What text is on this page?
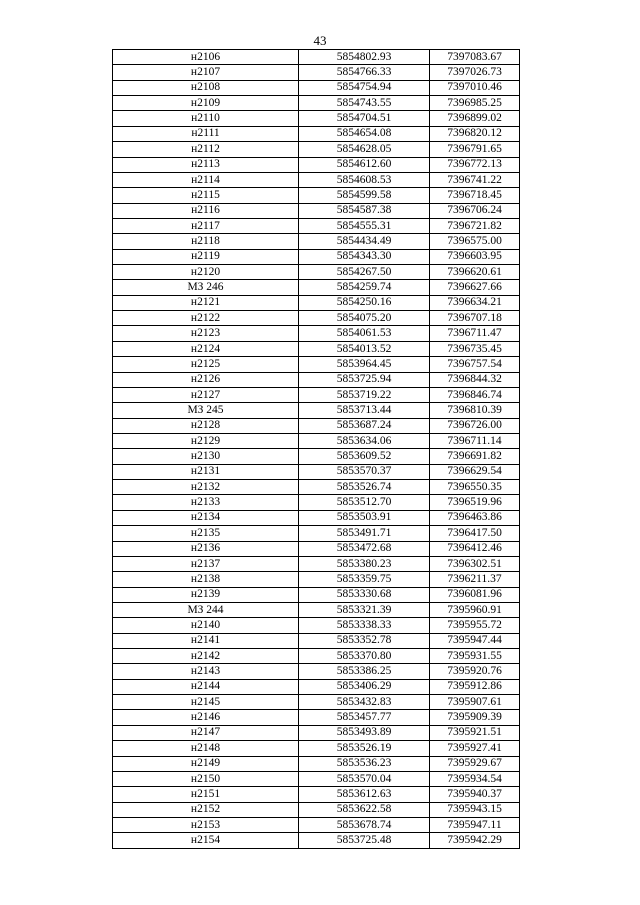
43
н2106	5854802.93	7397083.67
н2107	5854766.33	7397026.73
н2108	5854754.94	7397010.46
н2109	5854743.55	7396985.25
н2110	5854704.51	7396899.02
н2111	5854654.08	7396820.12
н2112	5854628.05	7396791.65
н2113	5854612.60	7396772.13
н2114	5854608.53	7396741.22
н2115	5854599.58	7396718.45
н2116	5854587.38	7396706.24
н2117	5854555.31	7396721.82
н2118	5854434.49	7396575.00
н2119	5854343.30	7396603.95
н2120	5854267.50	7396620.61
МЗ 246	5854259.74	7396627.66
н2121	5854250.16	7396634.21
н2122	5854075.20	7396707.18
н2123	5854061.53	7396711.47
н2124	5854013.52	7396735.45
н2125	5853964.45	7396757.54
н2126	5853725.94	7396844.32
н2127	5853719.22	7396846.74
МЗ 245	5853713.44	7396810.39
н2128	5853687.24	7396726.00
н2129	5853634.06	7396711.14
н2130	5853609.52	7396691.82
н2131	5853570.37	7396629.54
н2132	5853526.74	7396550.35
н2133	5853512.70	7396519.96
н2134	5853503.91	7396463.86
н2135	5853491.71	7396417.50
н2136	5853472.68	7396412.46
н2137	5853380.23	7396302.51
н2138	5853359.75	7396211.37
н2139	5853330.68	7396081.96
МЗ 244	5853321.39	7395960.91
н2140	5853338.33	7395955.72
н2141	5853352.78	7395947.44
н2142	5853370.80	7395931.55
н2143	5853386.25	7395920.76
н2144	5853406.29	7395912.86
н2145	5853432.83	7395907.61
н2146	5853457.77	7395909.39
н2147	5853493.89	7395921.51
н2148	5853526.19	7395927.41
н2149	5853536.23	7395929.67
н2150	5853570.04	7395934.54
н2151	5853612.63	7395940.37
н2152	5853622.58	7395943.15
н2153	5853678.74	7395947.11
н2154	5853725.48	7395942.29
